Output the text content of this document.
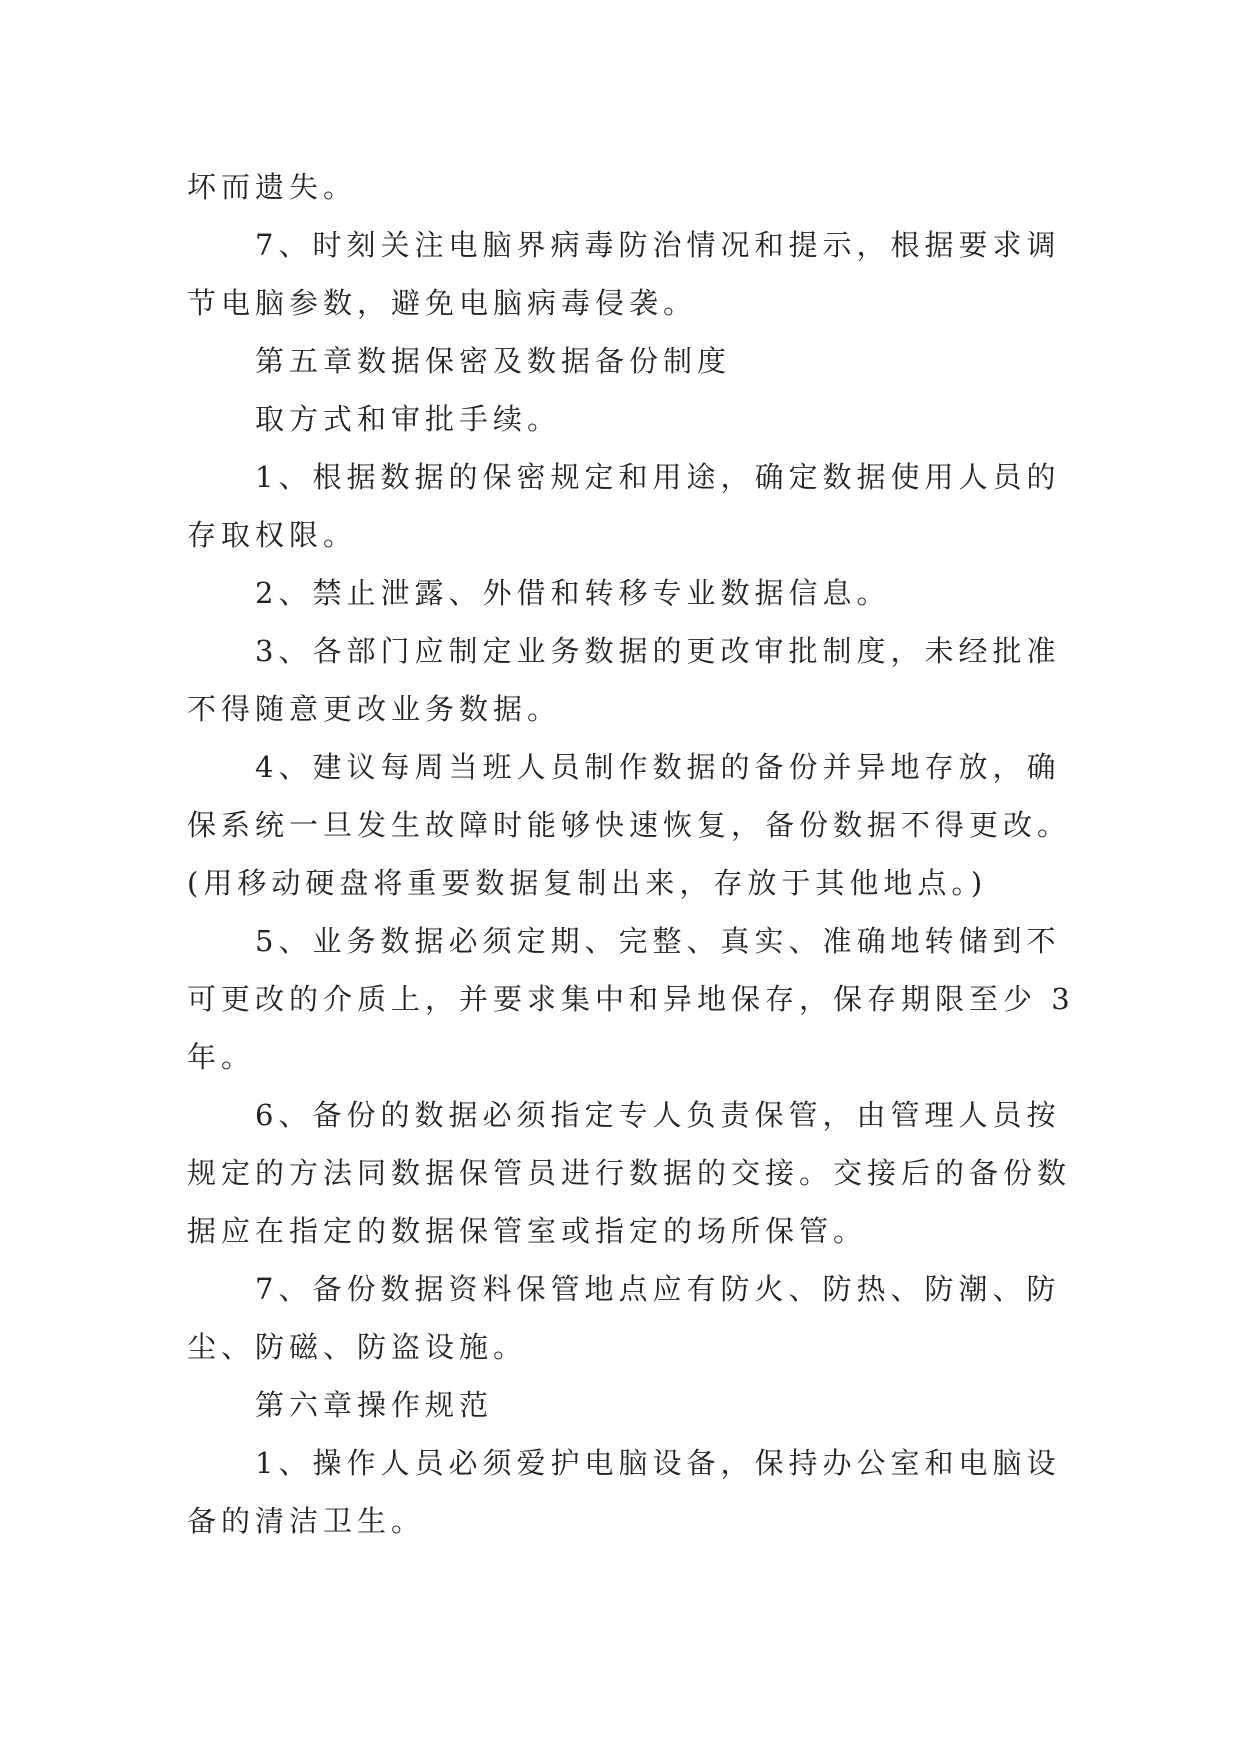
坏而遗失。

7、时刻关注电脑界病毒防治情况和提示，根据要求调

节电脑参数，避免电脑病毒侵袭。

第五章数据保密及数据备份制度

取方式和审批手续。

1、根据数据的保密规定和用途，确定数据使用人员的

存取权限。

2、禁止泄露、外借和转移专业数据信息。

3、各部门应制定业务数据的更改审批制度，未经批准

不得随意更改业务数据。

4、建议每周当班人员制作数据的备份并异地存放，确

保系统一旦发生故障时能够快速恢复，备份数据不得更改。

(用移动硬盘将重要数据复制出来，存放于其他地点。)

5、业务数据必须定期、完整、真实、准确地转储到不

可更改的介质上，并要求集中和异地保存，保存期限至少 3

年。

6、备份的数据必须指定专人负责保管，由管理人员按

规定的方法同数据保管员进行数据的交接。交接后的备份数

据应在指定的数据保管室或指定的场所保管。

7、备份数据资料保管地点应有防火、防热、防潮、防

尘、防磁、防盗设施。

第六章操作规范

1、操作人员必须爱护电脑设备，保持办公室和电脑设

备的清洁卫生。
